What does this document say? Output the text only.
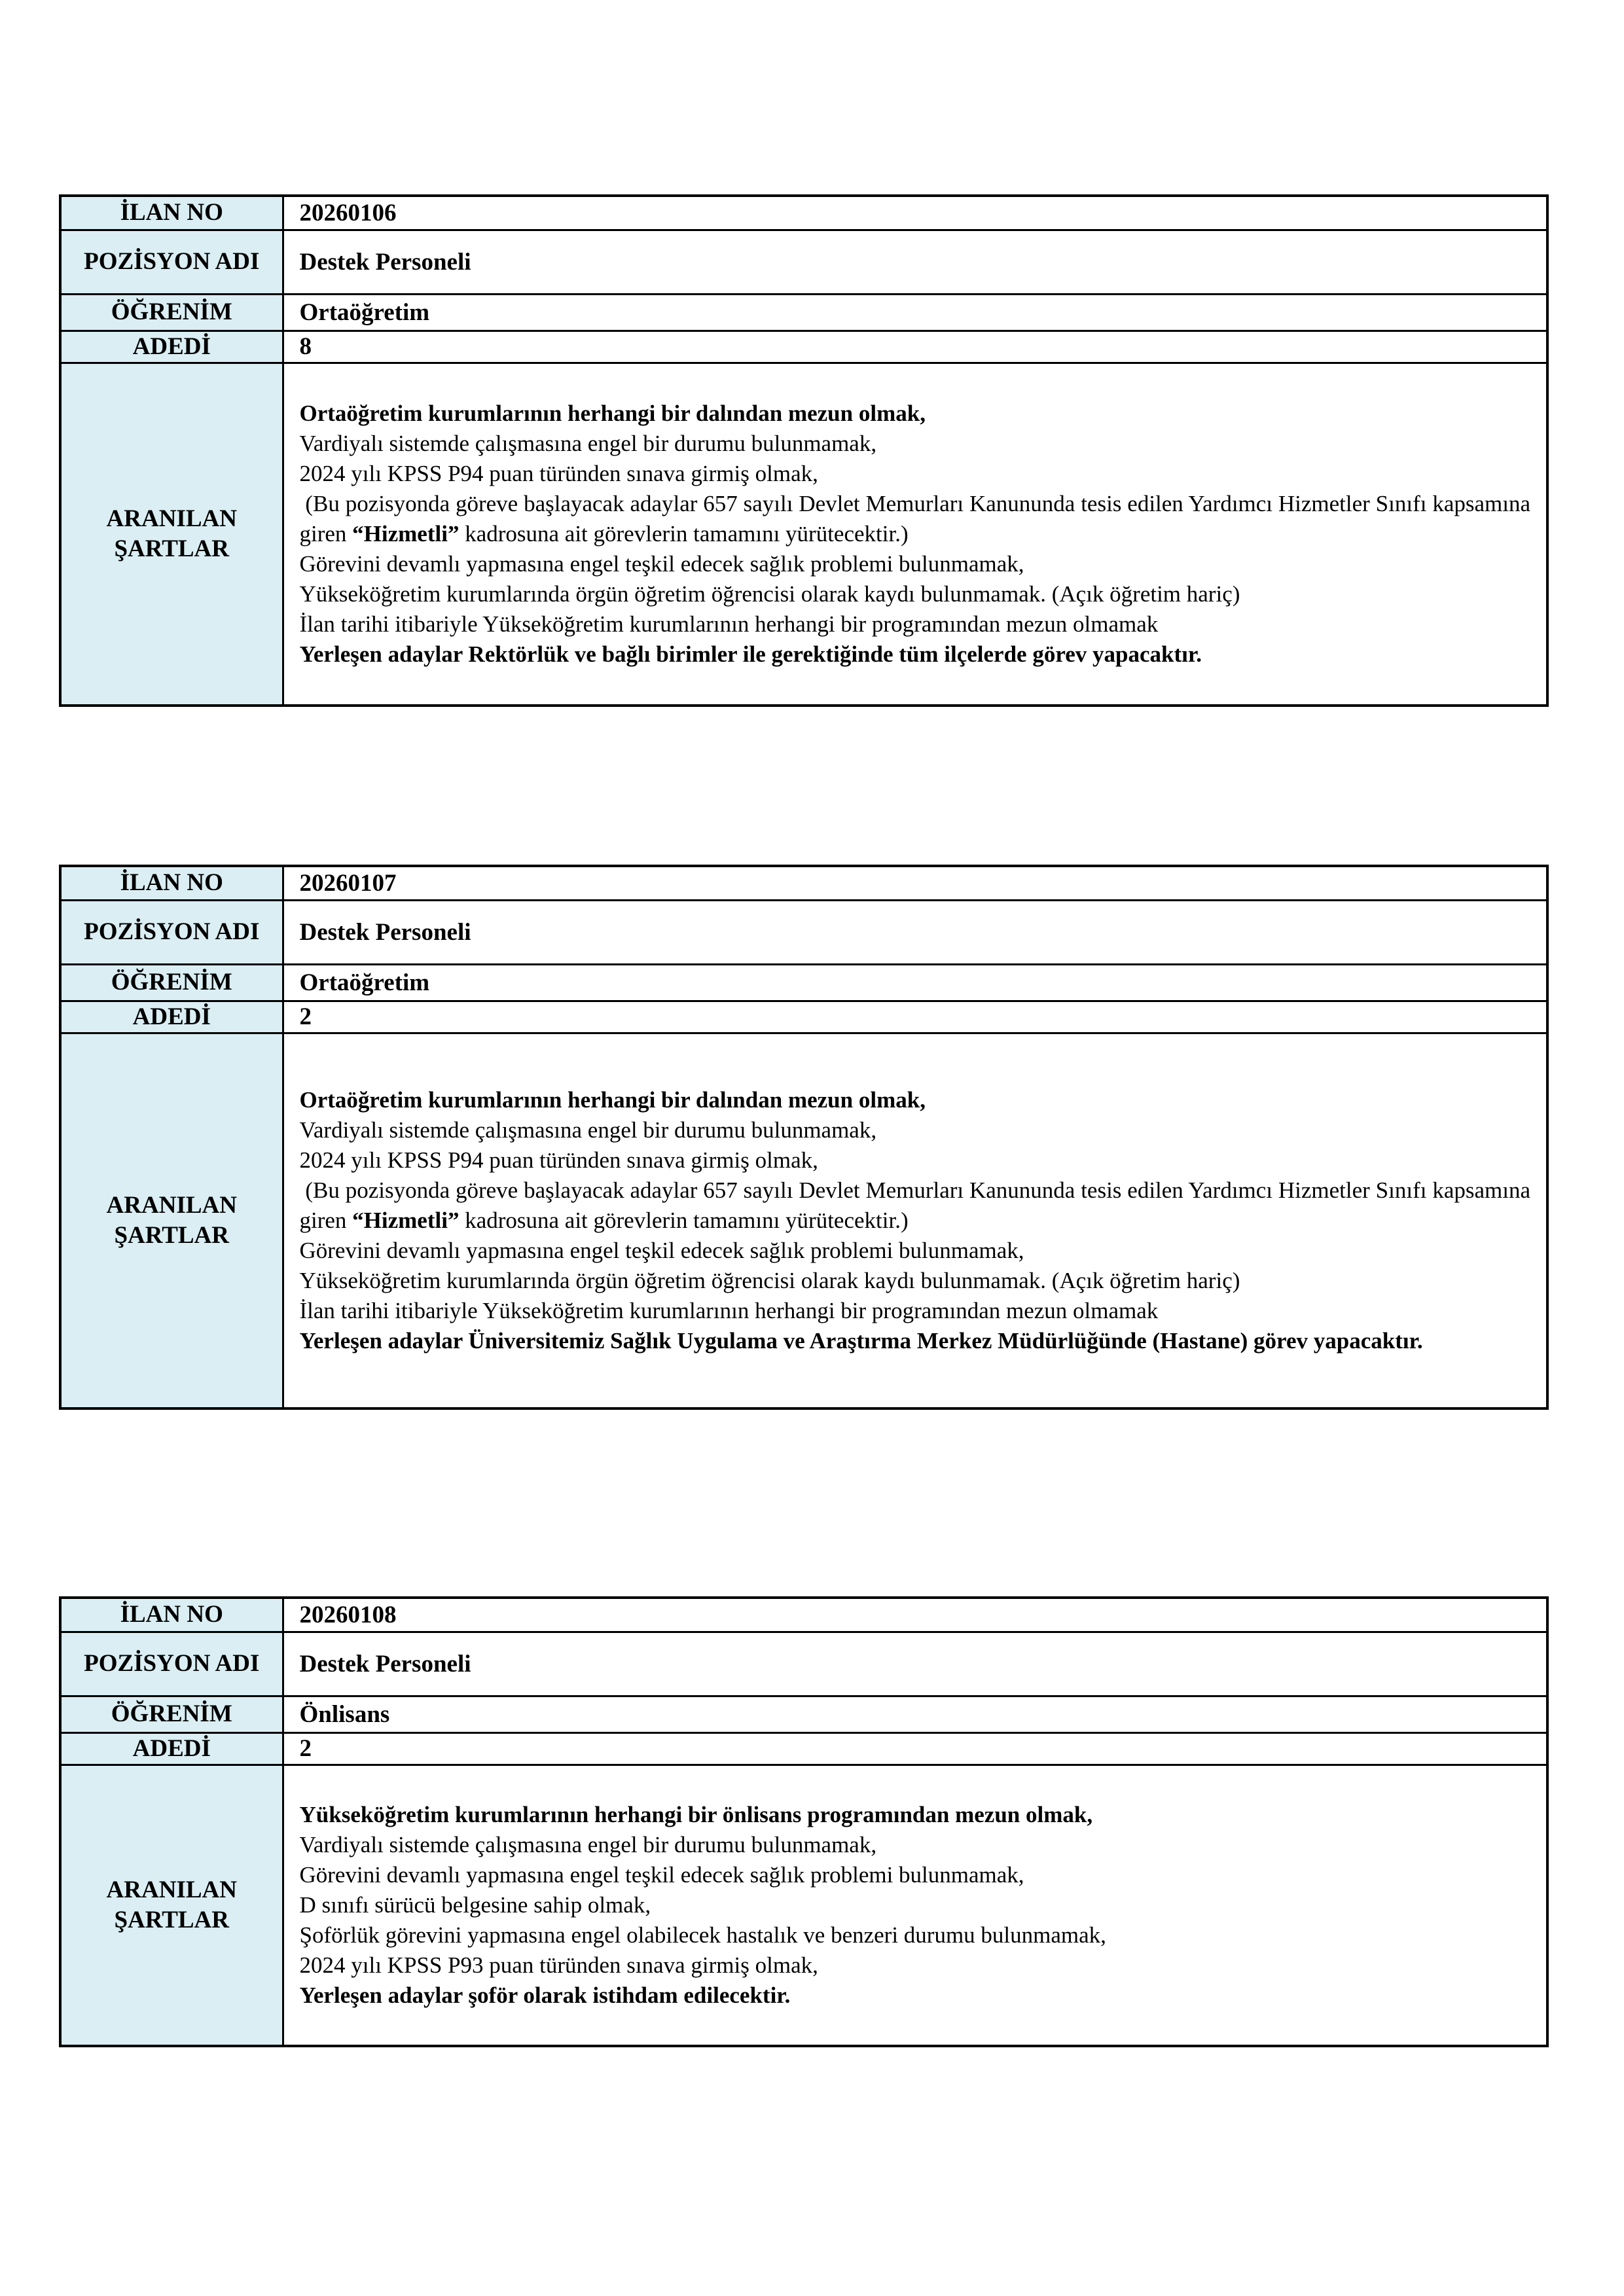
İLAN NO	20260106
POZİSYON ADI	Destek Personeli
ÖĞRENİM	Ortaöğretim
ADEDİ	8
ARANILAN ŞARTLAR	

Ortaöğretim kurumlarının herhangi bir dalından mezun olmak,

Vardiyalı sistemde çalışmasına engel bir durumu bulunmamak,

2024 yılı KPSS P94 puan türünden sınava girmiş olmak,

(Bu pozisyonda göreve başlayacak adaylar 657 sayılı Devlet Memurları Kanununda tesis edilen Yardımcı Hizmetler Sınıfı kapsamına giren “Hizmetli” kadrosuna ait görevlerin tamamını yürütecektir.)

Görevini devamlı yapmasına engel teşkil edecek sağlık problemi bulunmamak,

Yükseköğretim kurumlarında örgün öğretim öğrencisi olarak kaydı bulunmamak. (Açık öğretim hariç)

İlan tarihi itibariyle Yükseköğretim kurumlarının herhangi bir programından mezun olmamak

Yerleşen adaylar Rektörlük ve bağlı birimler ile gerektiğinde tüm ilçelerde görev yapacaktır.

İLAN NO	20260107
POZİSYON ADI	Destek Personeli
ÖĞRENİM	Ortaöğretim
ADEDİ	2
ARANILAN ŞARTLAR	

Ortaöğretim kurumlarının herhangi bir dalından mezun olmak,

Vardiyalı sistemde çalışmasına engel bir durumu bulunmamak,

2024 yılı KPSS P94 puan türünden sınava girmiş olmak,

(Bu pozisyonda göreve başlayacak adaylar 657 sayılı Devlet Memurları Kanununda tesis edilen Yardımcı Hizmetler Sınıfı kapsamına giren “Hizmetli” kadrosuna ait görevlerin tamamını yürütecektir.)

Görevini devamlı yapmasına engel teşkil edecek sağlık problemi bulunmamak,

Yükseköğretim kurumlarında örgün öğretim öğrencisi olarak kaydı bulunmamak. (Açık öğretim hariç)

İlan tarihi itibariyle Yükseköğretim kurumlarının herhangi bir programından mezun olmamak

Yerleşen adaylar Üniversitemiz Sağlık Uygulama ve Araştırma Merkez Müdürlüğünde (Hastane) görev yapacaktır.

İLAN NO	20260108
POZİSYON ADI	Destek Personeli
ÖĞRENİM	Önlisans
ADEDİ	2
ARANILAN ŞARTLAR	

Yükseköğretim kurumlarının herhangi bir önlisans programından mezun olmak,

Vardiyalı sistemde çalışmasına engel bir durumu bulunmamak,

Görevini devamlı yapmasına engel teşkil edecek sağlık problemi bulunmamak,

D sınıfı sürücü belgesine sahip olmak,

Şoförlük görevini yapmasına engel olabilecek hastalık ve benzeri durumu bulunmamak,

2024 yılı KPSS P93 puan türünden sınava girmiş olmak,

Yerleşen adaylar şoför olarak istihdam edilecektir.
